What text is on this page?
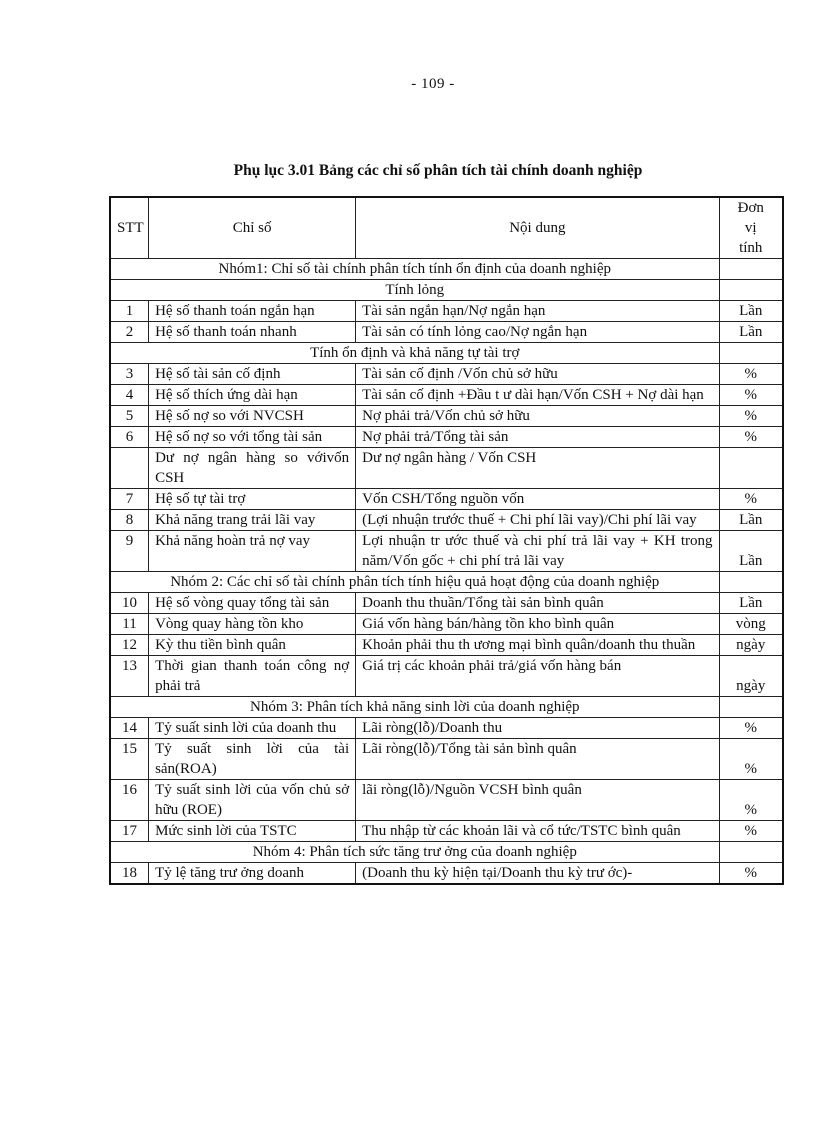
- 109 -
Phụ lục 3.01 Bảng các chỉ số phân tích tài chính doanh nghiệp
STT	Chỉ số	Nội dung	Đơn
vị
tính

Nhóm1: Chỉ số tài chính phân tích tính ổn định của doanh nghiệp			
Tính lỏng			
1	Hệ số thanh toán ngắn hạn	Tài sản ngắn hạn/Nợ ngắn hạn	Lần
2	Hệ số thanh toán nhanh	Tài sản có tính lỏng cao/Nợ ngắn hạn	Lần
Tính ổn định và khả năng tự tài trợ			
3	Hệ số tài sản cố định	Tài sản cố định /Vốn chủ sở hữu	%
4	Hệ số thích ứng dài hạn	Tài sản cố định +Đầu t ư dài hạn/Vốn CSH + Nợ dài hạn	%
5	Hệ số nợ so với NVCSH	Nợ phải trả/Vốn chủ sở hữu	%
6	Hệ số nợ so với tổng tài sản	Nợ phải trả/Tổng tài sản	%
	Dư nợ ngân hàng so vớivốn CSH	Dư nợ ngân hàng / Vốn CSH	
7	Hệ số tự tài trợ	Vốn CSH/Tổng nguồn vốn	%
8	Khả năng trang trải lãi vay	(Lợi nhuận trước thuế + Chi phí lãi vay)/Chi phí lãi vay	Lần
9	Khả năng hoàn trả nợ vay	Lợi nhuận tr ước thuế và chi phí trả lãi vay + KH trong năm/Vốn gốc + chi phí trả lãi vay	Lần
Nhóm 2: Các chỉ số tài chính phân tích tính hiệu quả hoạt động của doanh nghiệp			
10	Hệ số vòng quay tổng tài sản	Doanh thu thuần/Tổng tài sản bình quân	Lần
11	Vòng quay hàng tồn kho	Giá vốn hàng bán/hàng tồn kho bình quân	vòng
12	Kỳ thu tiền bình quân	Khoản phải thu th ương mại bình quân/doanh thu thuần	ngày
13	Thời gian thanh toán công nợ phải trả	Giá trị các khoản phải trả/giá vốn hàng bán	ngày
Nhóm 3: Phân tích khả năng sinh lời của doanh nghiệp			
14	Tỷ suất sinh lời của doanh thu	Lãi ròng(lỗ)/Doanh thu	%
15	Tỷ suất sinh lời của tài sản(ROA)	Lãi ròng(lỗ)/Tổng tài sản bình quân	%
16	Tỷ suất sinh lời của vốn chủ sở hữu (ROE)	lãi ròng(lỗ)/Nguồn VCSH bình quân	%
17	Mức sinh lời của TSTC	Thu nhập từ các khoản lãi và cổ tức/TSTC bình quân	%
Nhóm 4: Phân tích sức tăng trư ởng của doanh nghiệp			
18	Tỷ lệ tăng trư ởng doanh	(Doanh thu kỳ hiện tại/Doanh thu kỳ trư ớc)-	%
